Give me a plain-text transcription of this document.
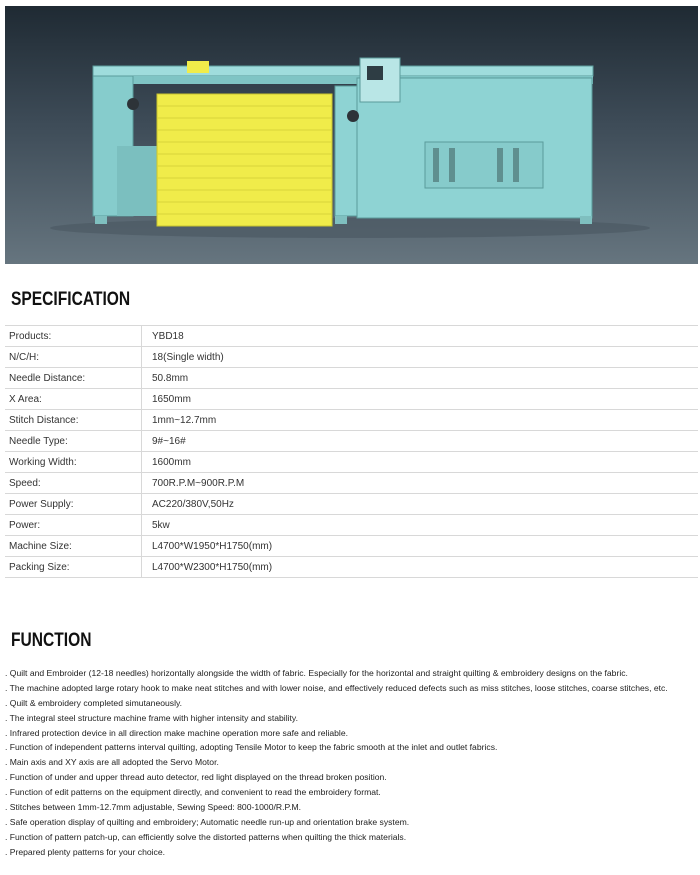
SPECIFICATION
Products:	YBD18
N/C/H:	18(Single width)
Needle Distance:	50.8mm
X Area:	1650mm
Stitch Distance:	1mm~12.7mm
Needle Type:	9#~16#
Working Width:	1600mm
Speed:	700R.P.M~900R.P.M
Power Supply:	AC220/380V,50Hz
Power:	5kw
Machine Size:	L4700*W1950*H1750(mm)
Packing Size:	L4700*W2300*H1750(mm)
FUNCTION
. Quilt and Embroider (12-18 needles) horizontally alongside the width of fabric. Especially for the horizontal and straight quilting & embroidery designs on the fabric.
. The machine adopted large rotary hook to make neat stitches and with lower noise, and effectively reduced defects such as miss stitches, loose stitches, coarse stitches, etc.
. Quilt & embroidery completed simutaneously.
. The integral steel structure machine frame with higher intensity and stability.
. Infrared protection device in all direction make machine operation more safe and reliable.
. Function of independent patterns interval quilting, adopting Tensile Motor to keep the fabric smooth at the inlet and outlet fabrics.
. Main axis and XY axis are all adopted the Servo Motor.
. Function of under and upper thread auto detector, red light displayed on the thread broken position.
. Function of edit patterns on the equipment directly, and convenient to read the embroidery format.
. Stitches between 1mm-12.7mm adjustable, Sewing Speed: 800-1000/R.P.M.
. Safe operation display of quilting and embroidery; Automatic needle run-up and orientation brake system.
. Function of pattern patch-up, can efficiently solve the distorted patterns when quilting the thick materials.
. Prepared plenty patterns for your choice.
